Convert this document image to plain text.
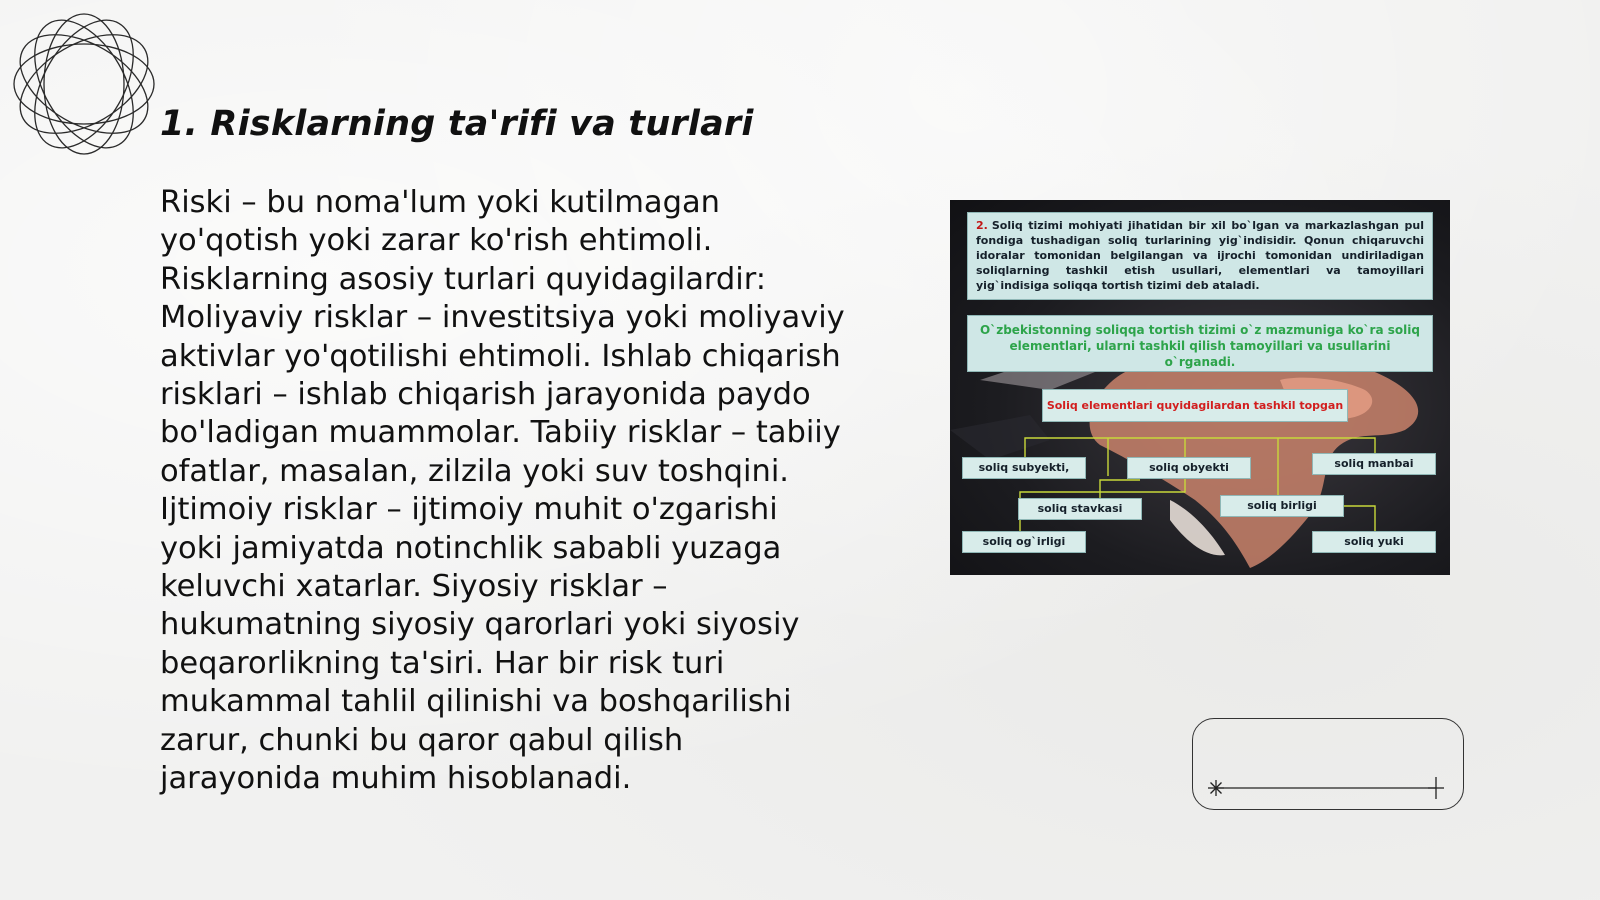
1. Risklarning ta'rifi va turlari

Riski – bu noma'lum yoki kutilmagan yo'qotish yoki zarar ko'rish ehtimoli. Risklarning asosiy turlari quyidagilardir: Moliyaviy risklar – investitsiya yoki moliyaviy aktivlar yo'qotilishi ehtimoli. Ishlab chiqarish risklari – ishlab chiqarish jarayonida paydo bo'ladigan muammolar. Tabiiy risklar – tabiiy ofatlar, masalan, zilzila yoki suv toshqini. Ijtimoiy risklar – ijtimoiy muhit o'zgarishi yoki jamiyatda notinchlik sababli yuzaga keluvchi xatarlar. Siyosiy risklar – hukumatning siyosiy qarorlari yoki siyosiy beqarorlikning ta'siri. Har bir risk turi mukammal tahlil qilinishi va boshqarilishi zarur, chunki bu qaror qabul qilish jarayonida muhim hisoblanadi.

2. Soliq tizimi mohiyati jihatidan bir xil bo`lgan va markazlashgan pul fondiga tushadigan soliq turlarining yig`indisidir. Qonun chiqaruvchi idoralar tomonidan belgilangan va ijrochi tomonidan undiriladigan soliqlarning tashkil etish usullari, elementlari va tamoyillari yig`indisiga soliqqa tortish tizimi deb ataladi.
O`zbekistonning soliqqa tortish tizimi o`z mazmuniga ko`ra soliq elementlari, ularni tashkil qilish tamoyillari va usullarini o`rganadi.
Soliq elementlari quyidagilardan tashkil topgan
soliq subyekti,	soliq obyekti	soliq manbai
soliq stavkasi	soliq birligi
soliq og`irligi	soliq yuki
